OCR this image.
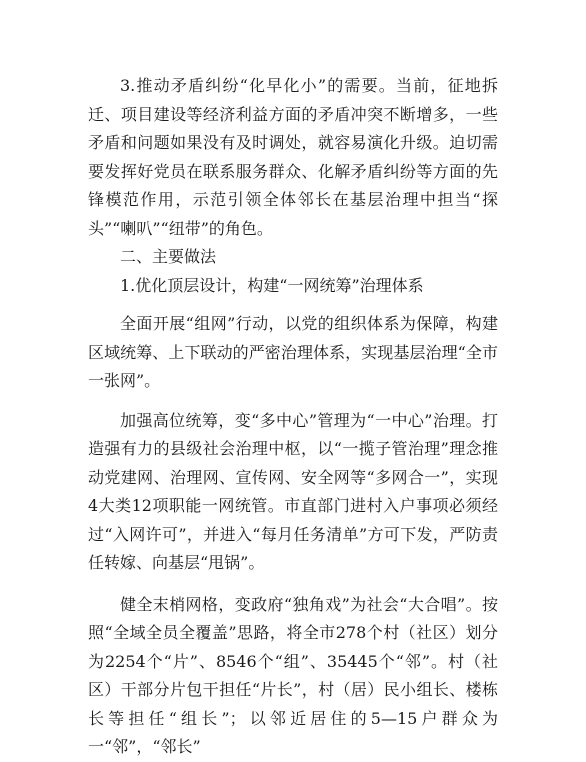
3.推动矛盾纠纷“化早化小”的需要。当前，征地拆迁、项目建设等经济利益方面的矛盾冲突不断增多，一些矛盾和问题如果没有及时调处，就容易演化升级。迫切需要发挥好党员在联系服务群众、化解矛盾纠纷等方面的先锋模范作用，示范引领全体邻长在基层治理中担当“探头”“喇叭”“纽带”的角色。

二、主要做法

1.优化顶层设计，构建“一网统筹”治理体系

全面开展“组网”行动，以党的组织体系为保障，构建区域统筹、上下联动的严密治理体系，实现基层治理“全市一张网”。

加强高位统筹，变“多中心”管理为“一中心”治理。打造强有力的县级社会治理中枢，以“一揽子管治理”理念推动党建网、治理网、宣传网、安全网等“多网合一”，实现4大类12项职能一网统管。市直部门进村入户事项必须经过“入网许可”，并进入“每月任务清单”方可下发，严防责任转嫁、向基层“甩锅”。

健全末梢网格，变政府“独角戏”为社会“大合唱”。按照“全域全员全覆盖”思路，将全市278个村（社区）划分为2254个“片”、8546个“组”、35445个“邻”。村（社区）干部分片包干担任“片长”，村（居）民小组长、楼栋长等担任“组长”；以邻近居住的5—15户群众为一“邻”，“邻长”
